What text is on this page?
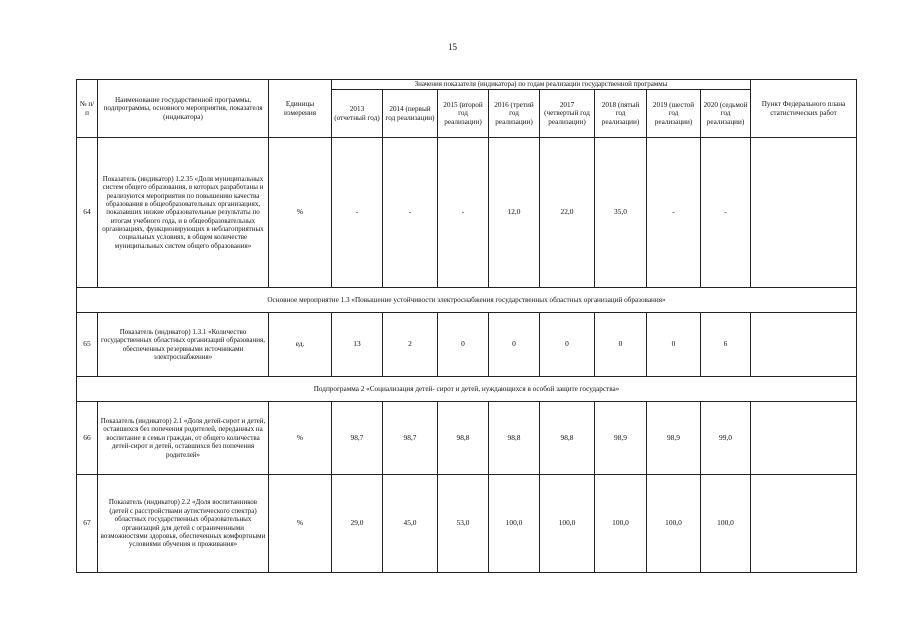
15
№ п/п	Наименование государственной программы, подпрограммы, основного мероприятия, показателя (индикатора)	Единицы измерения	Значения показателя (индикатора) по годам реализации государственной программы								Пункт Федерального плана статистических работ
			2013 (отчетный год)	2014 (первый год реализации)	2015 (второй год реализации)	2016 (третий год реализации)	2017 (четвертый год реализации)	2018 (пятый год реализации)	2019 (шестой год реализации)	2020 (седьмой год реализации)	
64	Показатель (индикатор) 1.2.35 «Доля муниципальных систем общего образования, в которых разработаны и реализуются мероприятия по повышению качества образования в общеобразовательных организациях, показавших низкие образовательные результаты по итогам учебного года, и в общеобразовательных организациях, функционирующих в неблагоприятных социальных условиях, в общем количестве муниципальных систем общего образования»	%	-	-	-	12,0	22,0	35,0	-	-	
Основное мероприятие 1.3 «Повышение устойчивости электроснабжения государственных областных организаций образования»											
65	Показатель (индикатор) 1.3.1 «Количество государственных областных организаций образования, обеспеченных резервными источниками электроснабжения»	ед.	13	2	0	0	0	0	0	6	
Подпрограмма 2 «Социализация детей- сирот и детей, нуждающихся в особой защите государства»											
66	Показатель (индикатор) 2.1 «Доля детей-сирот и детей, оставшихся без попечения родителей, переданных на воспитание в семьи граждан, от общего количества детей-сирот и детей, оставшихся без попечения родителей»	%	98,7	98,7	98,8	98,8	98,8	98,9	98,9	99,0	
67	Показатель (индикатор) 2.2 «Доля воспитанников (детей с расстройствами аутистического спектра) областных государственных образовательных организаций для детей с ограниченными возможностями здоровья, обеспеченных комфортными условиями обучения и проживания»	%	29,0	45,0	53,0	100,0	100,0	100,0	100,0	100,0	
